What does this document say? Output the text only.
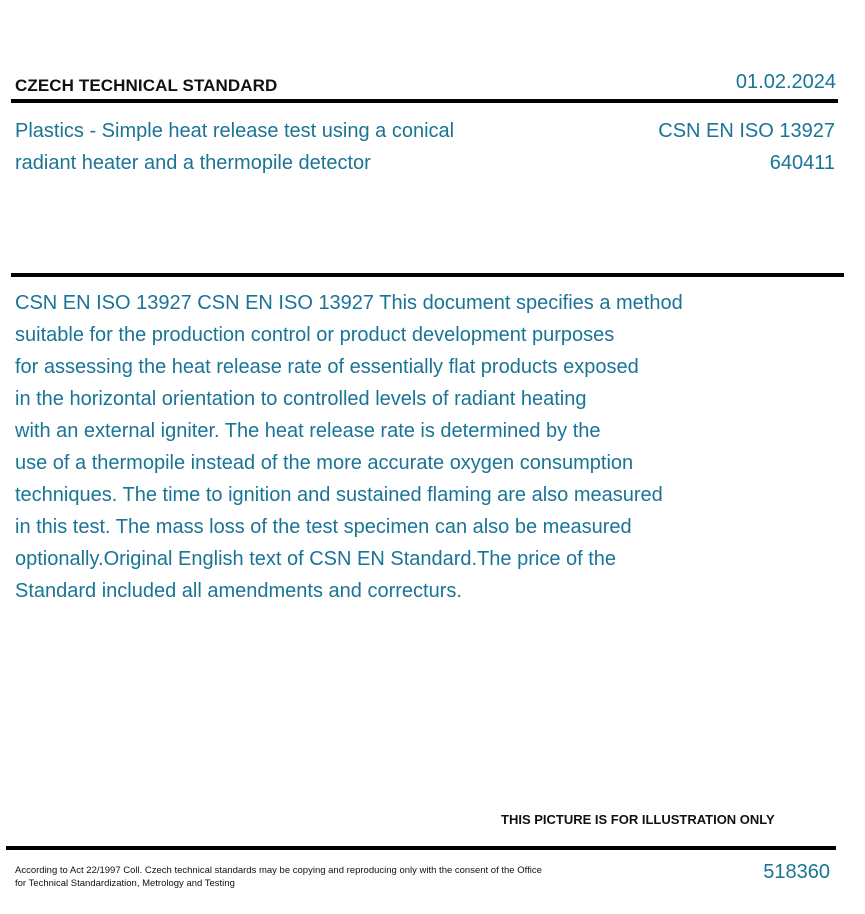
CZECH TECHNICAL STANDARD	01.02.2024
Plastics - Simple heat release test using a conical
radiant heater and a thermopile detector
CSN EN ISO 13927
640411
CSN EN ISO 13927 CSN EN ISO 13927 This document specifies a method
suitable for the production control or product development purposes
for assessing the heat release rate of essentially flat products exposed
in the horizontal orientation to controlled levels of radiant heating
with an external igniter. The heat release rate is determined by the
use of a thermopile instead of the more accurate oxygen consumption
techniques. The time to ignition and sustained flaming are also measured
in this test. The mass loss of the test specimen can also be measured
optionally.Original English text of CSN EN Standard.The price of the
Standard included all amendments and correcturs.
THIS PICTURE IS FOR ILLUSTRATION ONLY
According to Act 22/1997 Coll. Czech technical standards may be copying and reproducing only with the consent of the Office
for Technical Standardization, Metrology and Testing
518360
